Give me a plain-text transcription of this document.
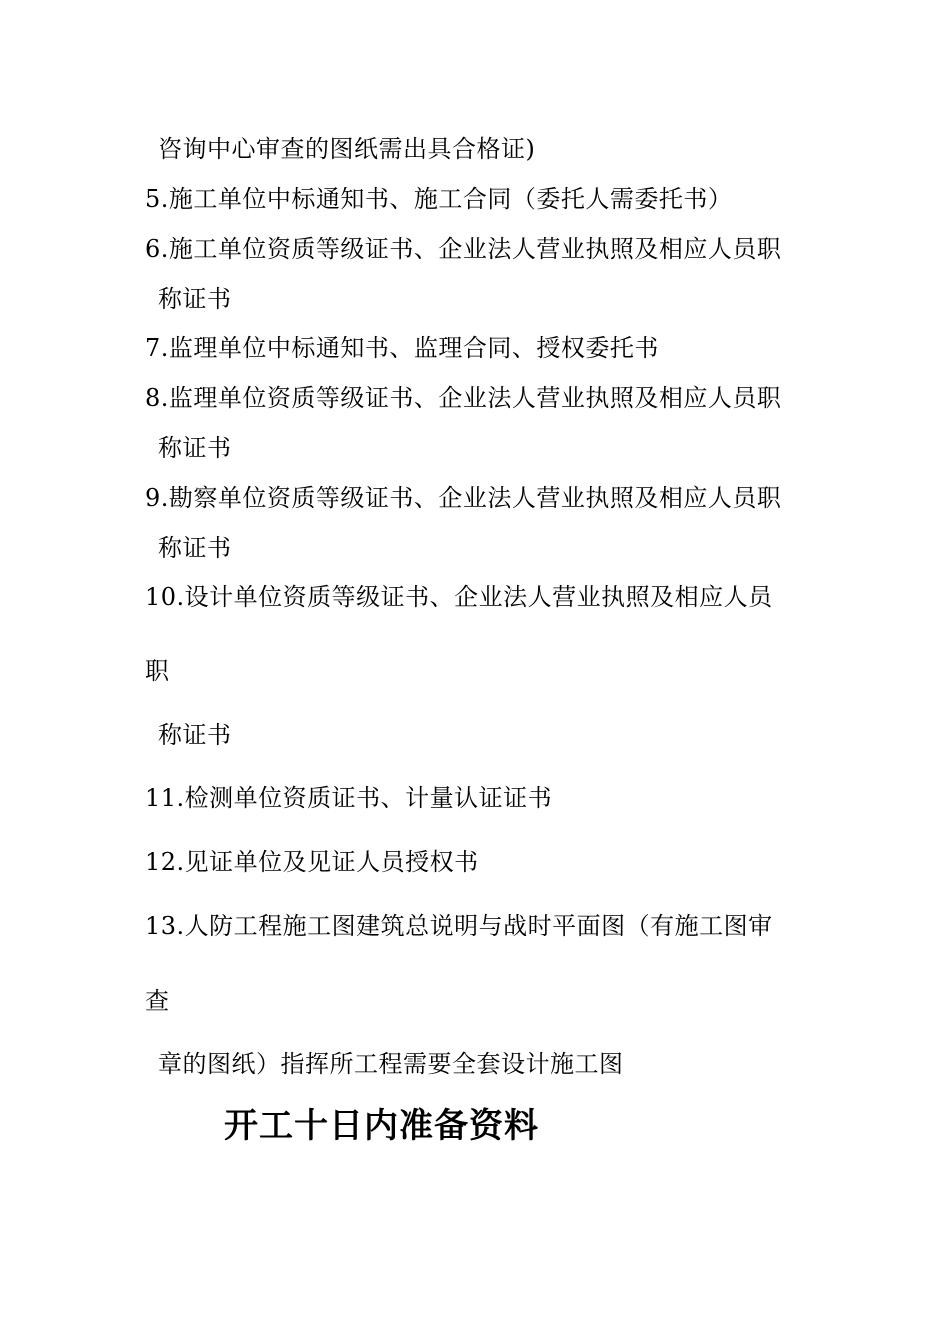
咨询中心审查的图纸需出具合格证)
5.施工单位中标通知书、施工合同（委托人需委托书）
6.施工单位资质等级证书、企业法人营业执照及相应人员职
称证书
7.监理单位中标通知书、监理合同、授权委托书
8.监理单位资质等级证书、企业法人营业执照及相应人员职
称证书
9.勘察单位资质等级证书、企业法人营业执照及相应人员职
称证书
10.设计单位资质等级证书、企业法人营业执照及相应人员
职
称证书
11.检测单位资质证书、计量认证证书
12.见证单位及见证人员授权书
13.人防工程施工图建筑总说明与战时平面图（有施工图审
查
章的图纸）指挥所工程需要全套设计施工图
开工十日内准备资料
